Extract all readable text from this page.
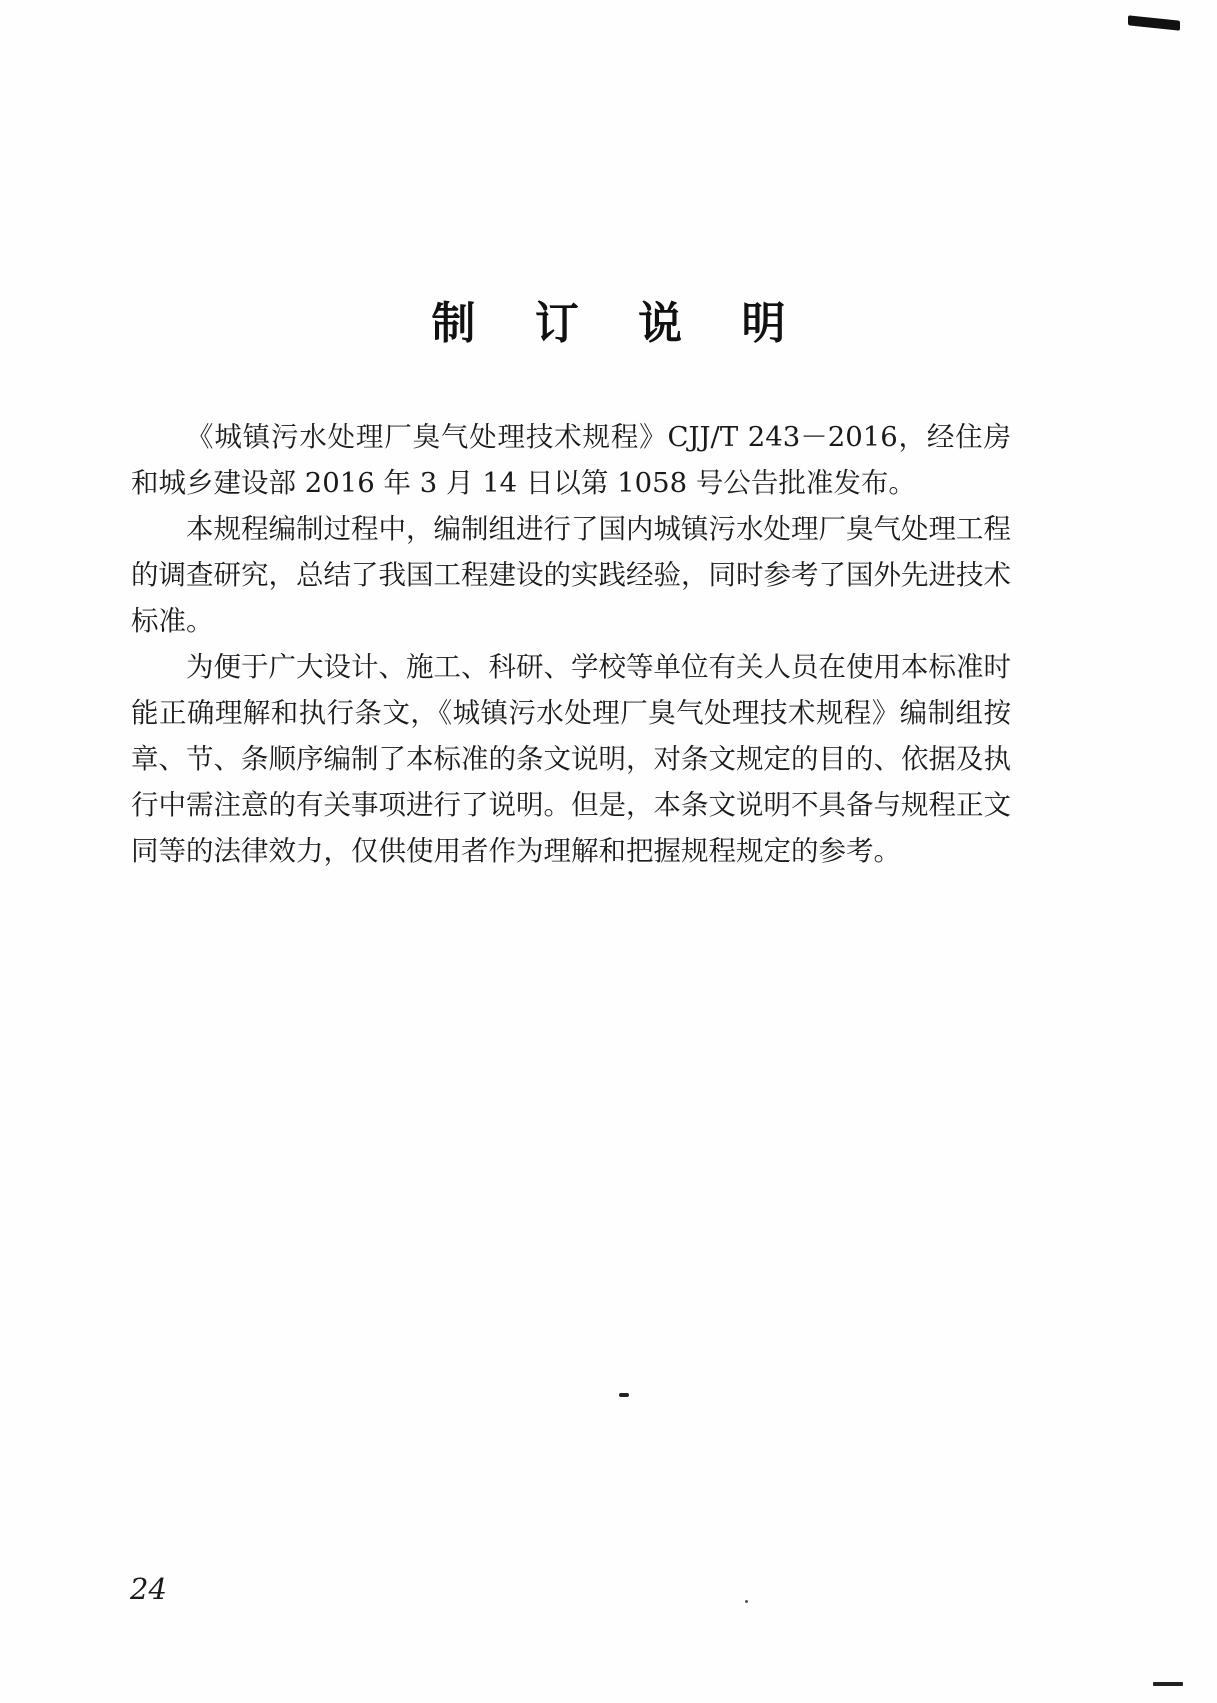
制 订 说 明

《城镇污水处理厂臭气处理技术规程》CJJ/T 243－2016，经住房和城乡建设部 2016 年 3 月 14 日以第 1058 号公告批准发布。

本规程编制过程中，编制组进行了国内城镇污水处理厂臭气处理工程的调查研究，总结了我国工程建设的实践经验，同时参考了国外先进技术标准。

为便于广大设计、施工、科研、学校等单位有关人员在使用本标准时能正确理解和执行条文，《城镇污水处理厂臭气处理技术规程》编制组按章、节、条顺序编制了本标准的条文说明，对条文规定的目的、依据及执行中需注意的有关事项进行了说明。但是，本条文说明不具备与规程正文同等的法律效力，仅供使用者作为理解和把握规程规定的参考。

24
